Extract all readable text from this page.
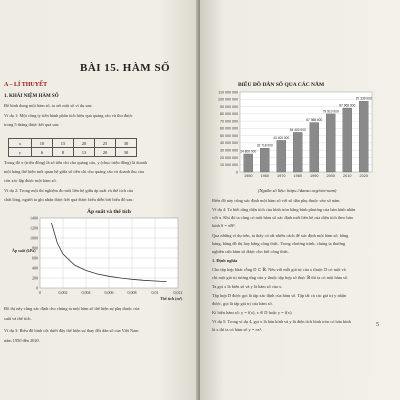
BÀI 15. HÀM SỐ
A – LÍ THUYẾT
1. KHÁI NIỆM HÀM SỐ
Để hình dung một hàm số, ta xét một số ví dụ sau:
Ví dụ 1: Một công ty tiến hành phân tích hiệu quả quảng cáo và thu được
trong 5 tháng được kết quả sau:
x	10	15	20	25	30
y	6	8	13	20	30
Trong đó x (triệu đồng) là số tiền chi cho quảng cáo, y (chục triệu đồng) là doanh
một bảng thể hiện mối quan hệ giữa số tiền chi cho quảng cáo và doanh thu của
còn xác lập được một hàm số.
Ví dụ 2: Trong một thí nghiệm đo mối liên hệ giữa áp suất và thể tích của
chất lỏng, người ta ghi nhận được kết quả được biểu diễn bởi biểu đồ sau:
Áp suất và thể tích
0
200
400
600
800
1000
1200
1400
0	0,002	0,004	0,006	0,008	0,01	0,012
Áp suất (kPa)
Thể tích (m³)
Đồ thị này cũng xác định cho chúng ta một hàm số thể hiện sự phụ thuộc của
suất và thể tích.
Ví dụ 3: Biểu đồ hình cột dưới đây thể hiện sự thay đổi dân số của Việt Nam
năm 1950 đến 2020.
BIỂU ĐỒ DÂN SỐ QUA CÁC NĂM
0
10 000 000
20 000 000
30 000 000
40 000 000
50 000 000
60 000 000
70 000 000
80 000 000
90 000 000
100 000 000
110 000 000
24 809 000
1950
32 718 000
1960
43 400 000
1970
54 400 000
1980
67 988 000
1990
79 910 000
2000
87 968 000
2010
97 339 000
2020
(Nguồn số liệu: https://danso.org/viet-nam)
Biểu đồ này cũng xác định một hàm số với số dân phụ thuộc vào số năm.
Ví dụ 4: Ta biết rằng diện tích của hình tròn bằng bình phương của bán kính nhân
với π. Khi đó ta cũng có một hàm số xác định mới liên hệ của diện tích theo bán
kính S = πR².
Qua những ví dụ trên, ta thấy có rất nhiều cách để xác định một hàm số: bằng
bảng, bằng đồ thị hay bằng công thức. Trong chương trình, chúng ta thường
nghiên cứu hàm số được cho bởi công thức.
1. Định nghĩa
Cho tập hợp khác rỗng D ⊂ ℝ. Nếu với mỗi giá trị của x thuộc D có một và
chỉ một giá trị tương ứng của y thuộc tập hợp số thực ℝ thì ta có một hàm số.
Ta gọi x là biến số và y là hàm số của x.
Tập hợp D được gọi là tập xác định của hàm số. Tập tất cả các giá trị y nhận
được, gọi là tập giá trị của hàm số.
Kí hiệu hàm số: y = f(x), x ∈ D hoặc y = f(x).
Ví dụ 5: Trong ví dụ 4, gọi x là bán kính và y là diện tích hình tròn có bán kính
là x thì ta có hàm số y = πx².
5
